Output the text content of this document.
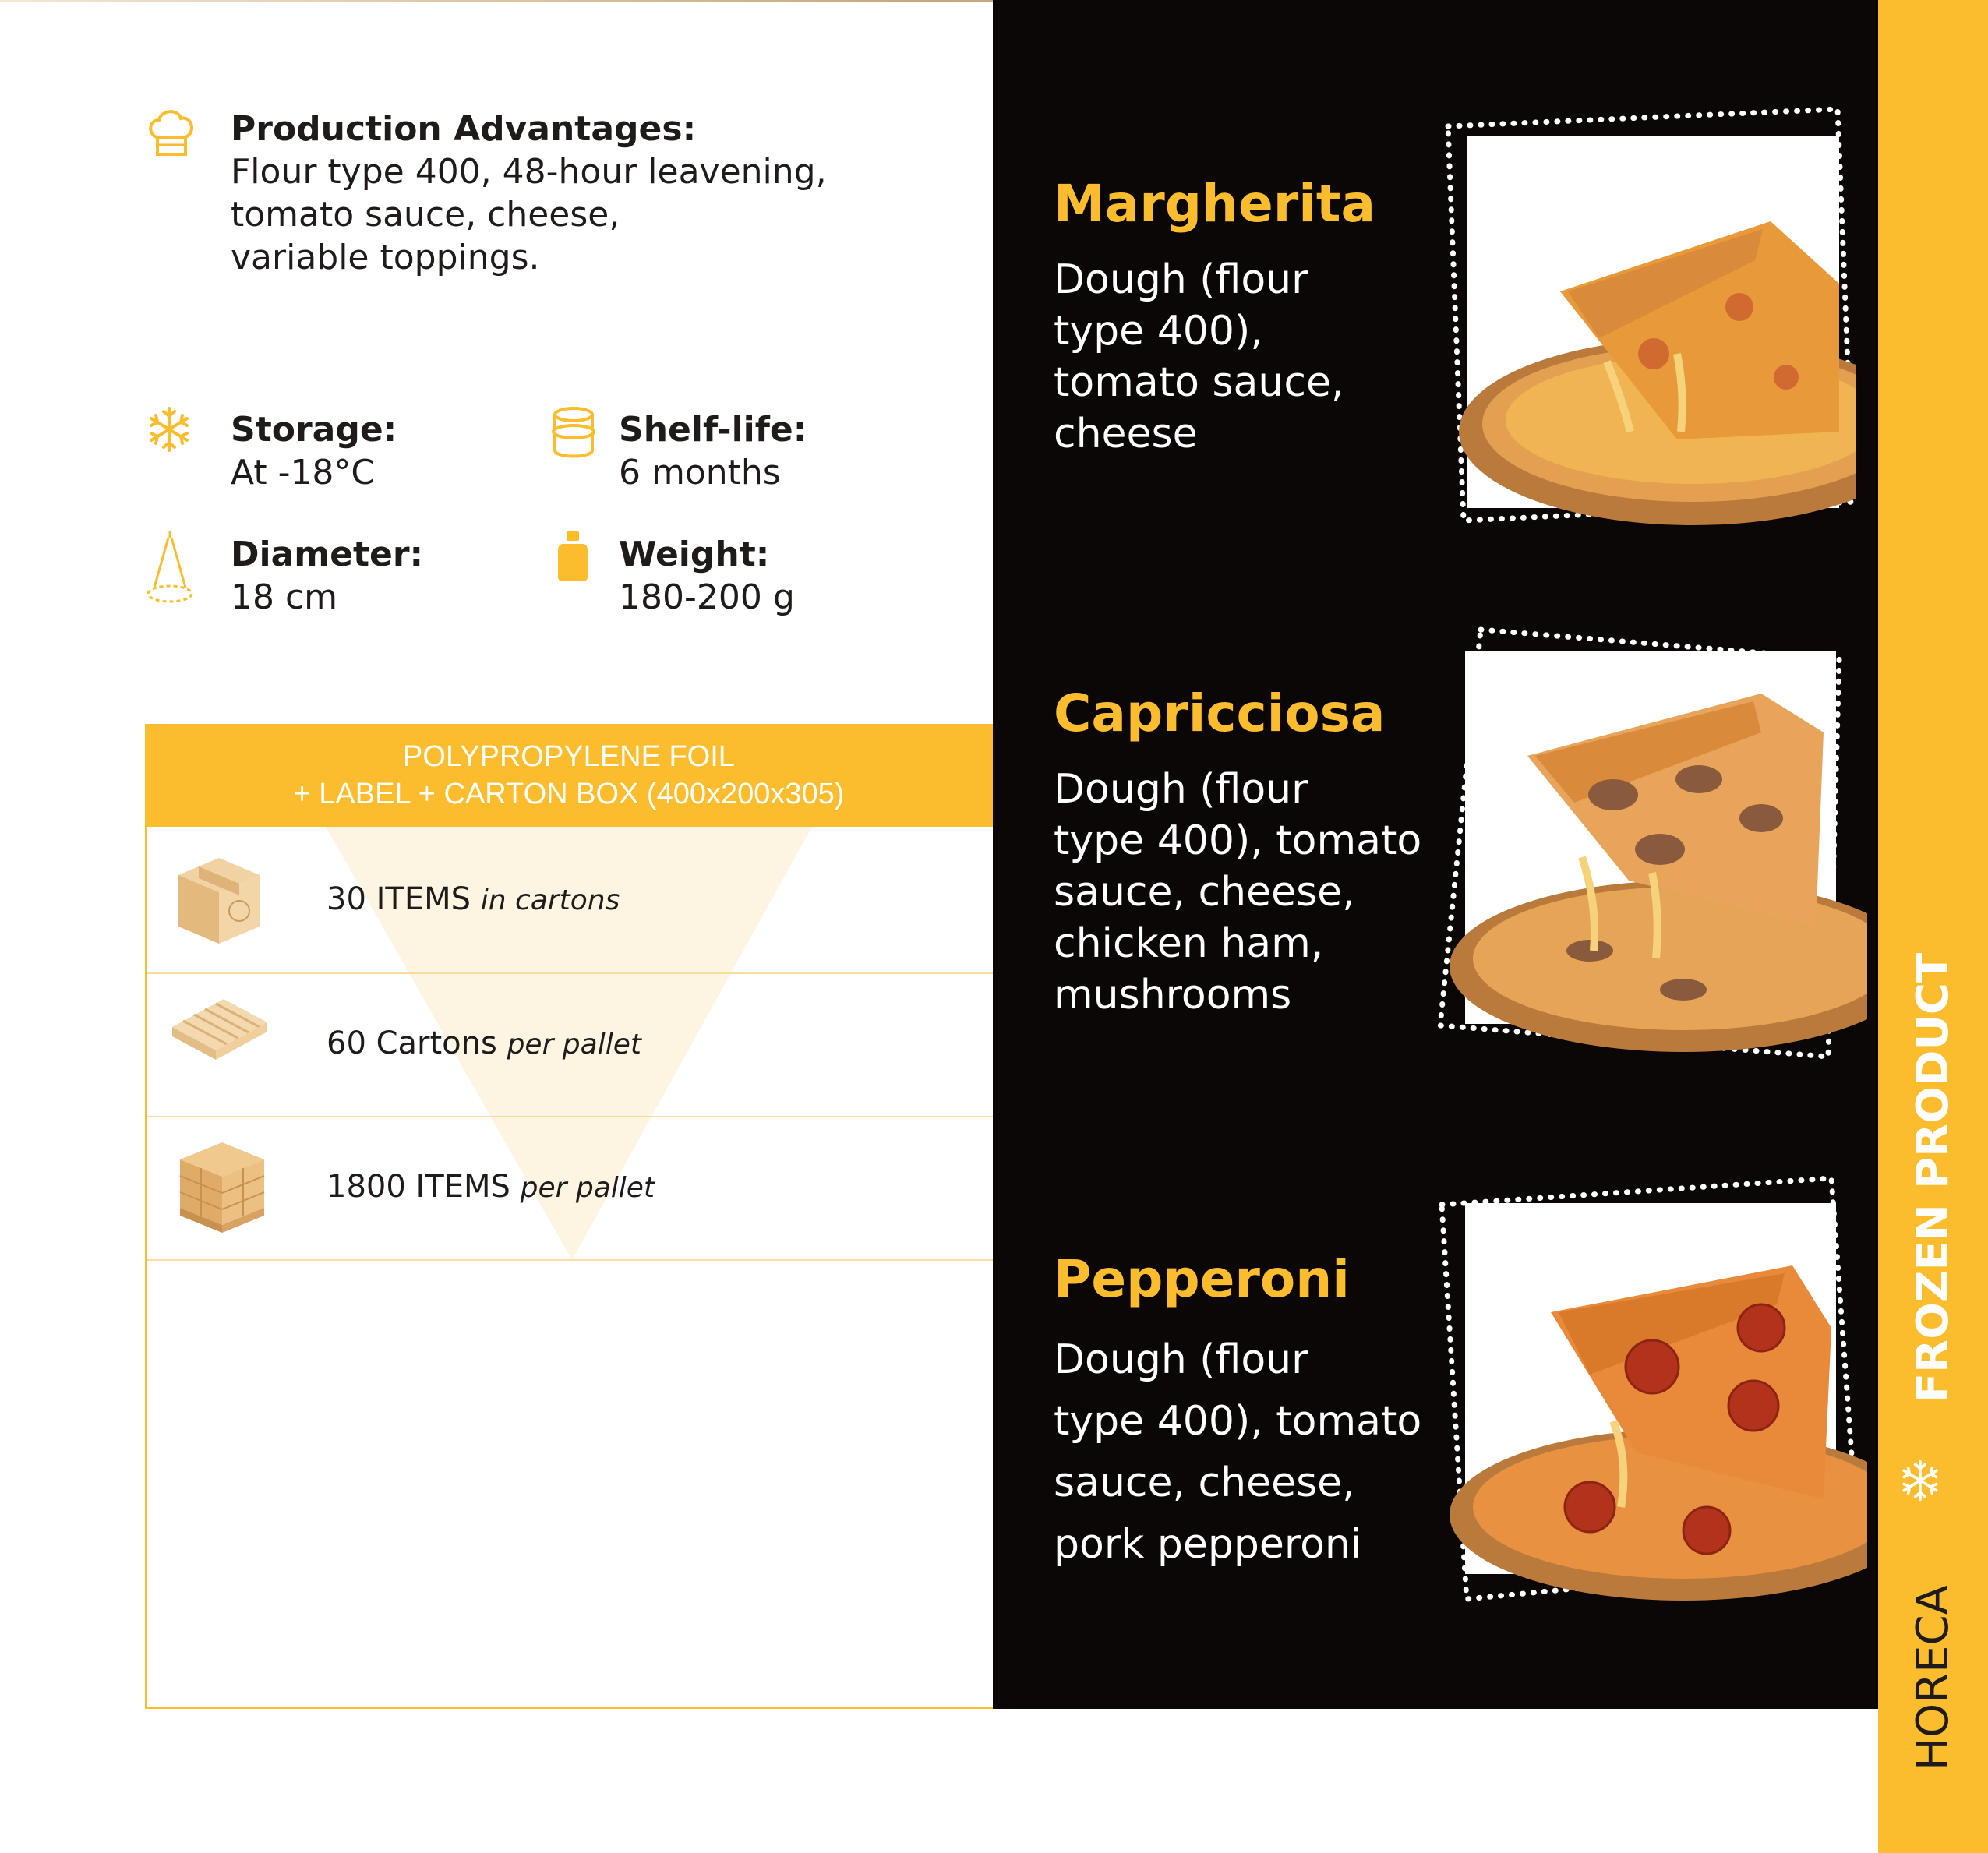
Production Advantages:
Flour type 400, 48-hour leavening,
tomato sauce, cheese,
variable toppings.
Storage:
At -18°C
Shelf-life:
6 months
Diameter:
18 cm
Weight:
180-200 g
POLYPROPYLENE FOIL
+ LABEL + CARTON BOX (400x200x305)
30 ITEMS in cartons
60 Cartons per pallet
1800 ITEMS per pallet
Margherita
Dough (flour
type 400),
tomato sauce,
cheese
Capricciosa
Dough (flour
type 400), tomato
sauce, cheese,
chicken ham,
mushrooms
Pepperoni
Dough (flour
type 400), tomato
sauce, cheese,
pork pepperoni
HORECA
FROZEN PRODUCT
